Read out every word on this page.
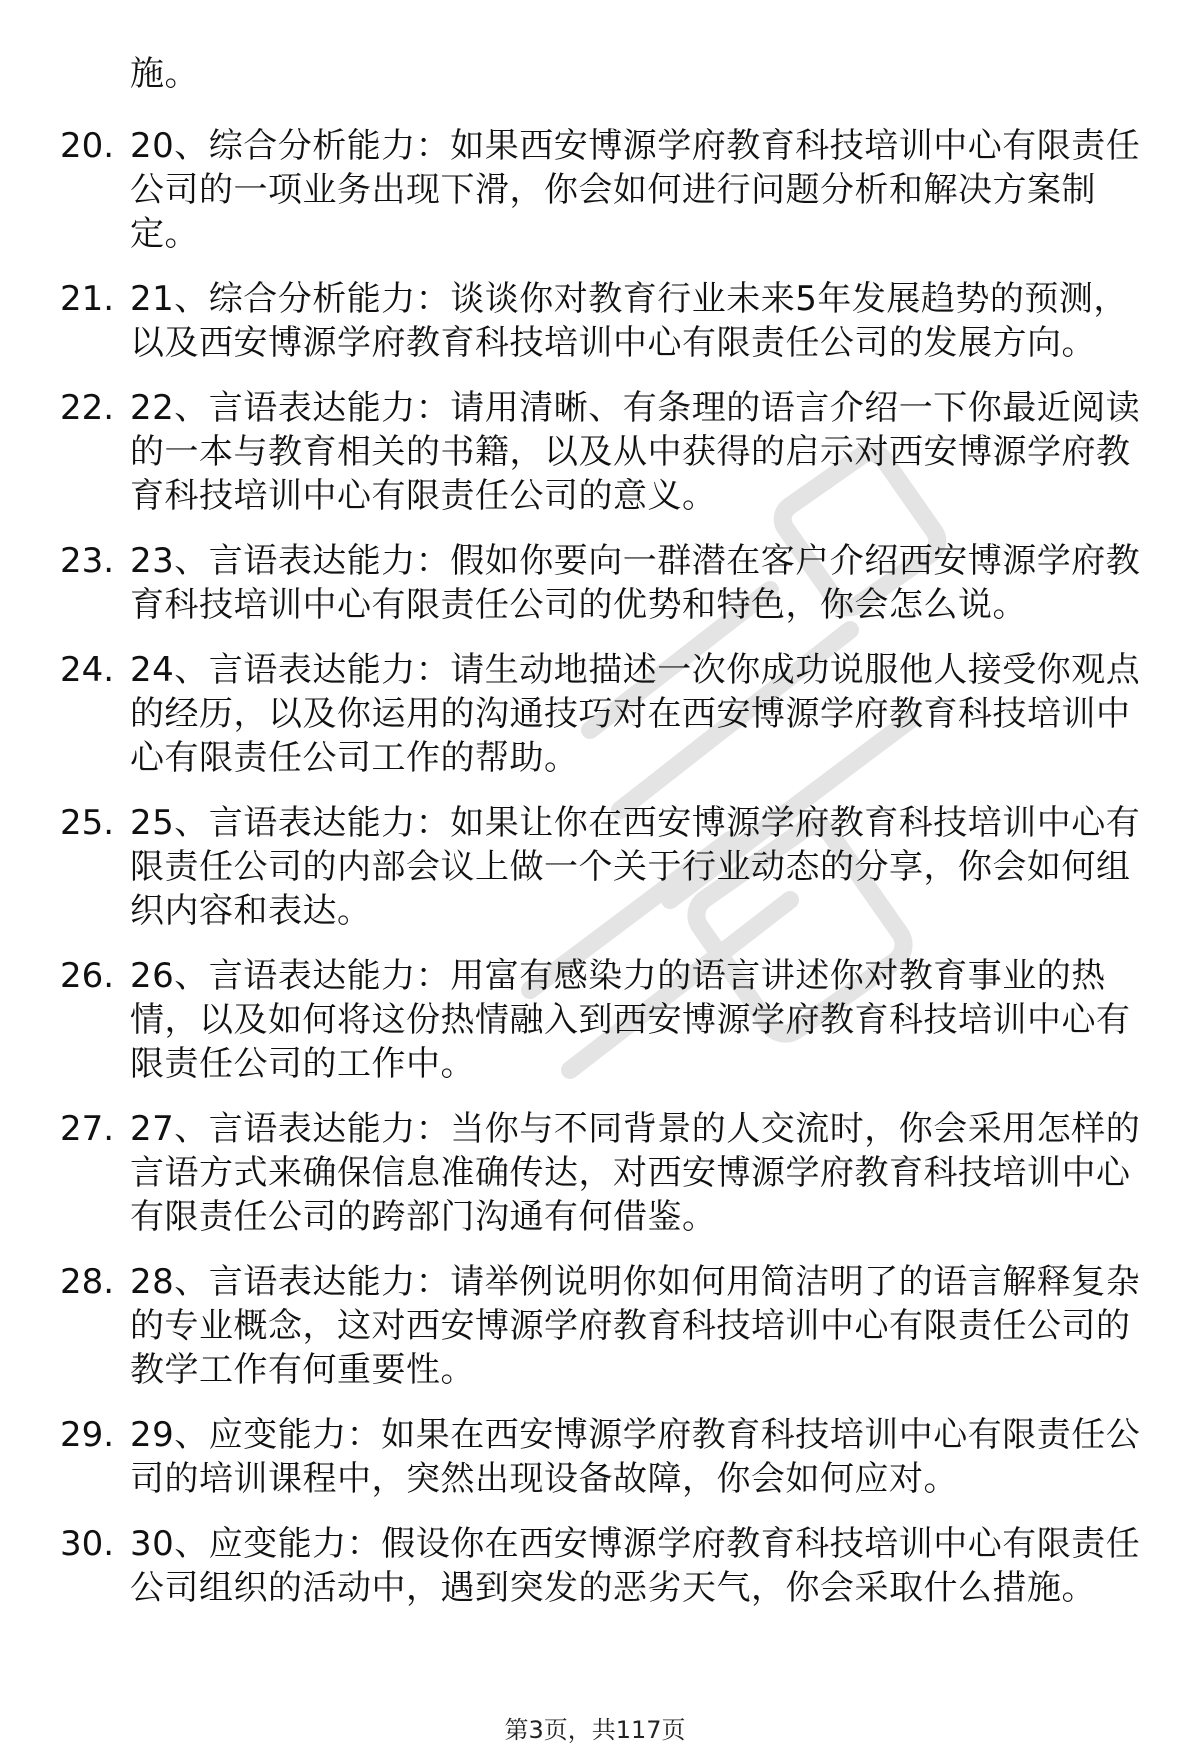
施。
20. 20、综合分析能力：如果西安博源学府教育科技培训中心有限责任公司的一项业务出现下滑，你会如何进行问题分析和解决方案制定。
21. 21、综合分析能力：谈谈你对教育行业未来5年发展趋势的预测，以及西安博源学府教育科技培训中心有限责任公司的发展方向。
22. 22、言语表达能力：请用清晰、有条理的语言介绍一下你最近阅读的一本与教育相关的书籍，以及从中获得的启示对西安博源学府教育科技培训中心有限责任公司的意义。
23. 23、言语表达能力：假如你要向一群潜在客户介绍西安博源学府教育科技培训中心有限责任公司的优势和特色，你会怎么说。
24. 24、言语表达能力：请生动地描述一次你成功说服他人接受你观点的经历，以及你运用的沟通技巧对在西安博源学府教育科技培训中心有限责任公司工作的帮助。
25. 25、言语表达能力：如果让你在西安博源学府教育科技培训中心有限责任公司的内部会议上做一个关于行业动态的分享，你会如何组织内容和表达。
26. 26、言语表达能力：用富有感染力的语言讲述你对教育事业的热情，以及如何将这份热情融入到西安博源学府教育科技培训中心有限责任公司的工作中。
27. 27、言语表达能力：当你与不同背景的人交流时，你会采用怎样的言语方式来确保信息准确传达，对西安博源学府教育科技培训中心有限责任公司的跨部门沟通有何借鉴。
28. 28、言语表达能力：请举例说明你如何用简洁明了的语言解释复杂的专业概念，这对西安博源学府教育科技培训中心有限责任公司的教学工作有何重要性。
29. 29、应变能力：如果在西安博源学府教育科技培训中心有限责任公司的培训课程中，突然出现设备故障，你会如何应对。
30. 30、应变能力：假设你在西安博源学府教育科技培训中心有限责任公司组织的活动中，遇到突发的恶劣天气，你会采取什么措施。
第3页，共117页
